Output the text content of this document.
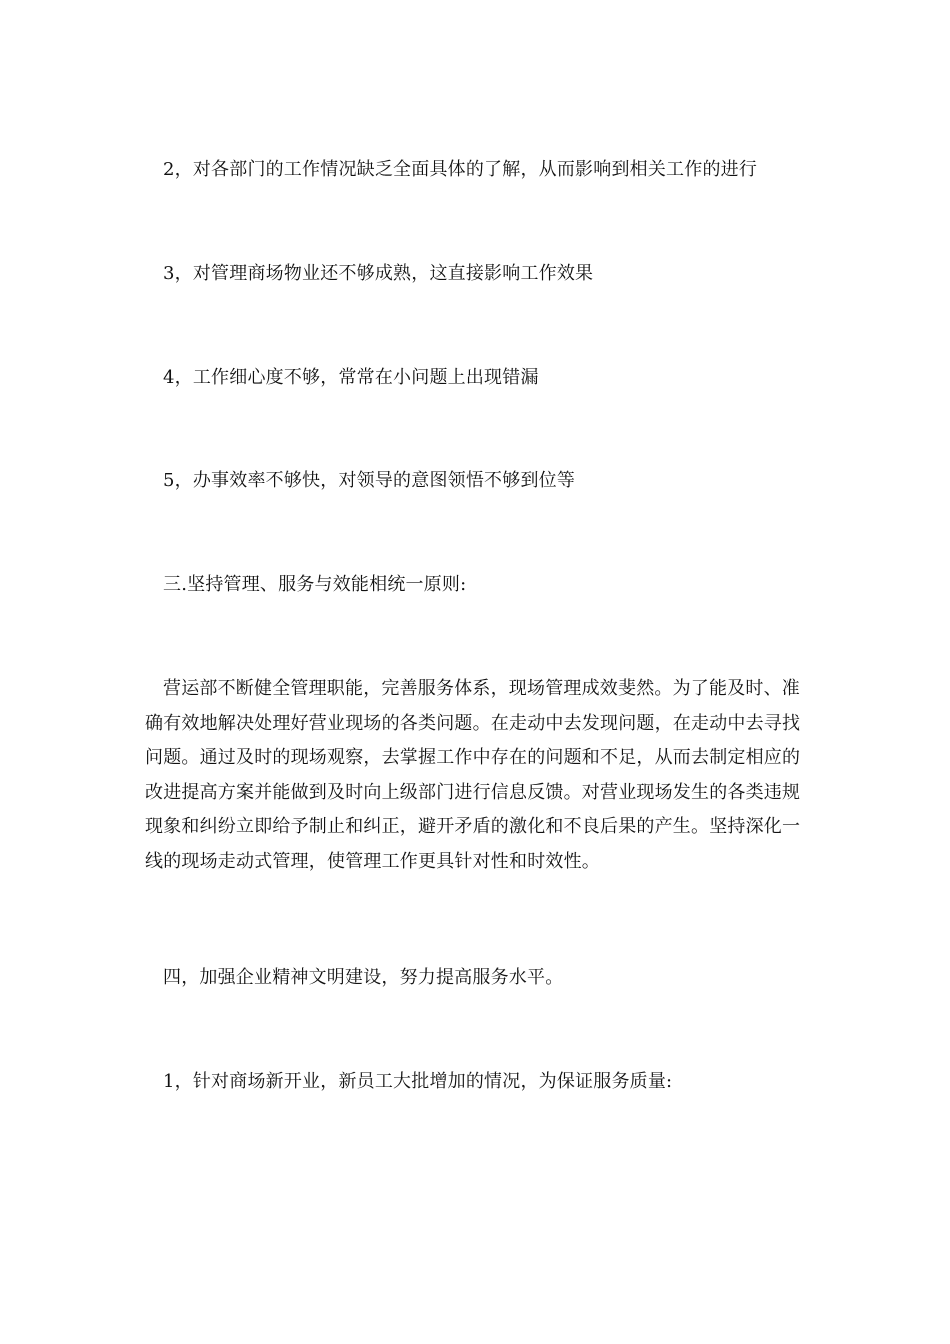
2，对各部门的工作情况缺乏全面具体的了解，从而影响到相关工作的进行
3，对管理商场物业还不够成熟，这直接影响工作效果
4，工作细心度不够，常常在小问题上出现错漏
5，办事效率不够快，对领导的意图领悟不够到位等
三.坚持管理、服务与效能相统一原则:
营运部不断健全管理职能，完善服务体系，现场管理成效斐然。为了能及时、准确有效地解决处理好营业现场的各类问题。在走动中去发现问题，在走动中去寻找问题。通过及时的现场观察，去掌握工作中存在的问题和不足，从而去制定相应的改进提高方案并能做到及时向上级部门进行信息反馈。对营业现场发生的各类违规现象和纠纷立即给予制止和纠正，避开矛盾的激化和不良后果的产生。坚持深化一线的现场走动式管理，使管理工作更具针对性和时效性。
四，加强企业精神文明建设，努力提高服务水平。
1，针对商场新开业，新员工大批增加的情况，为保证服务质量:
